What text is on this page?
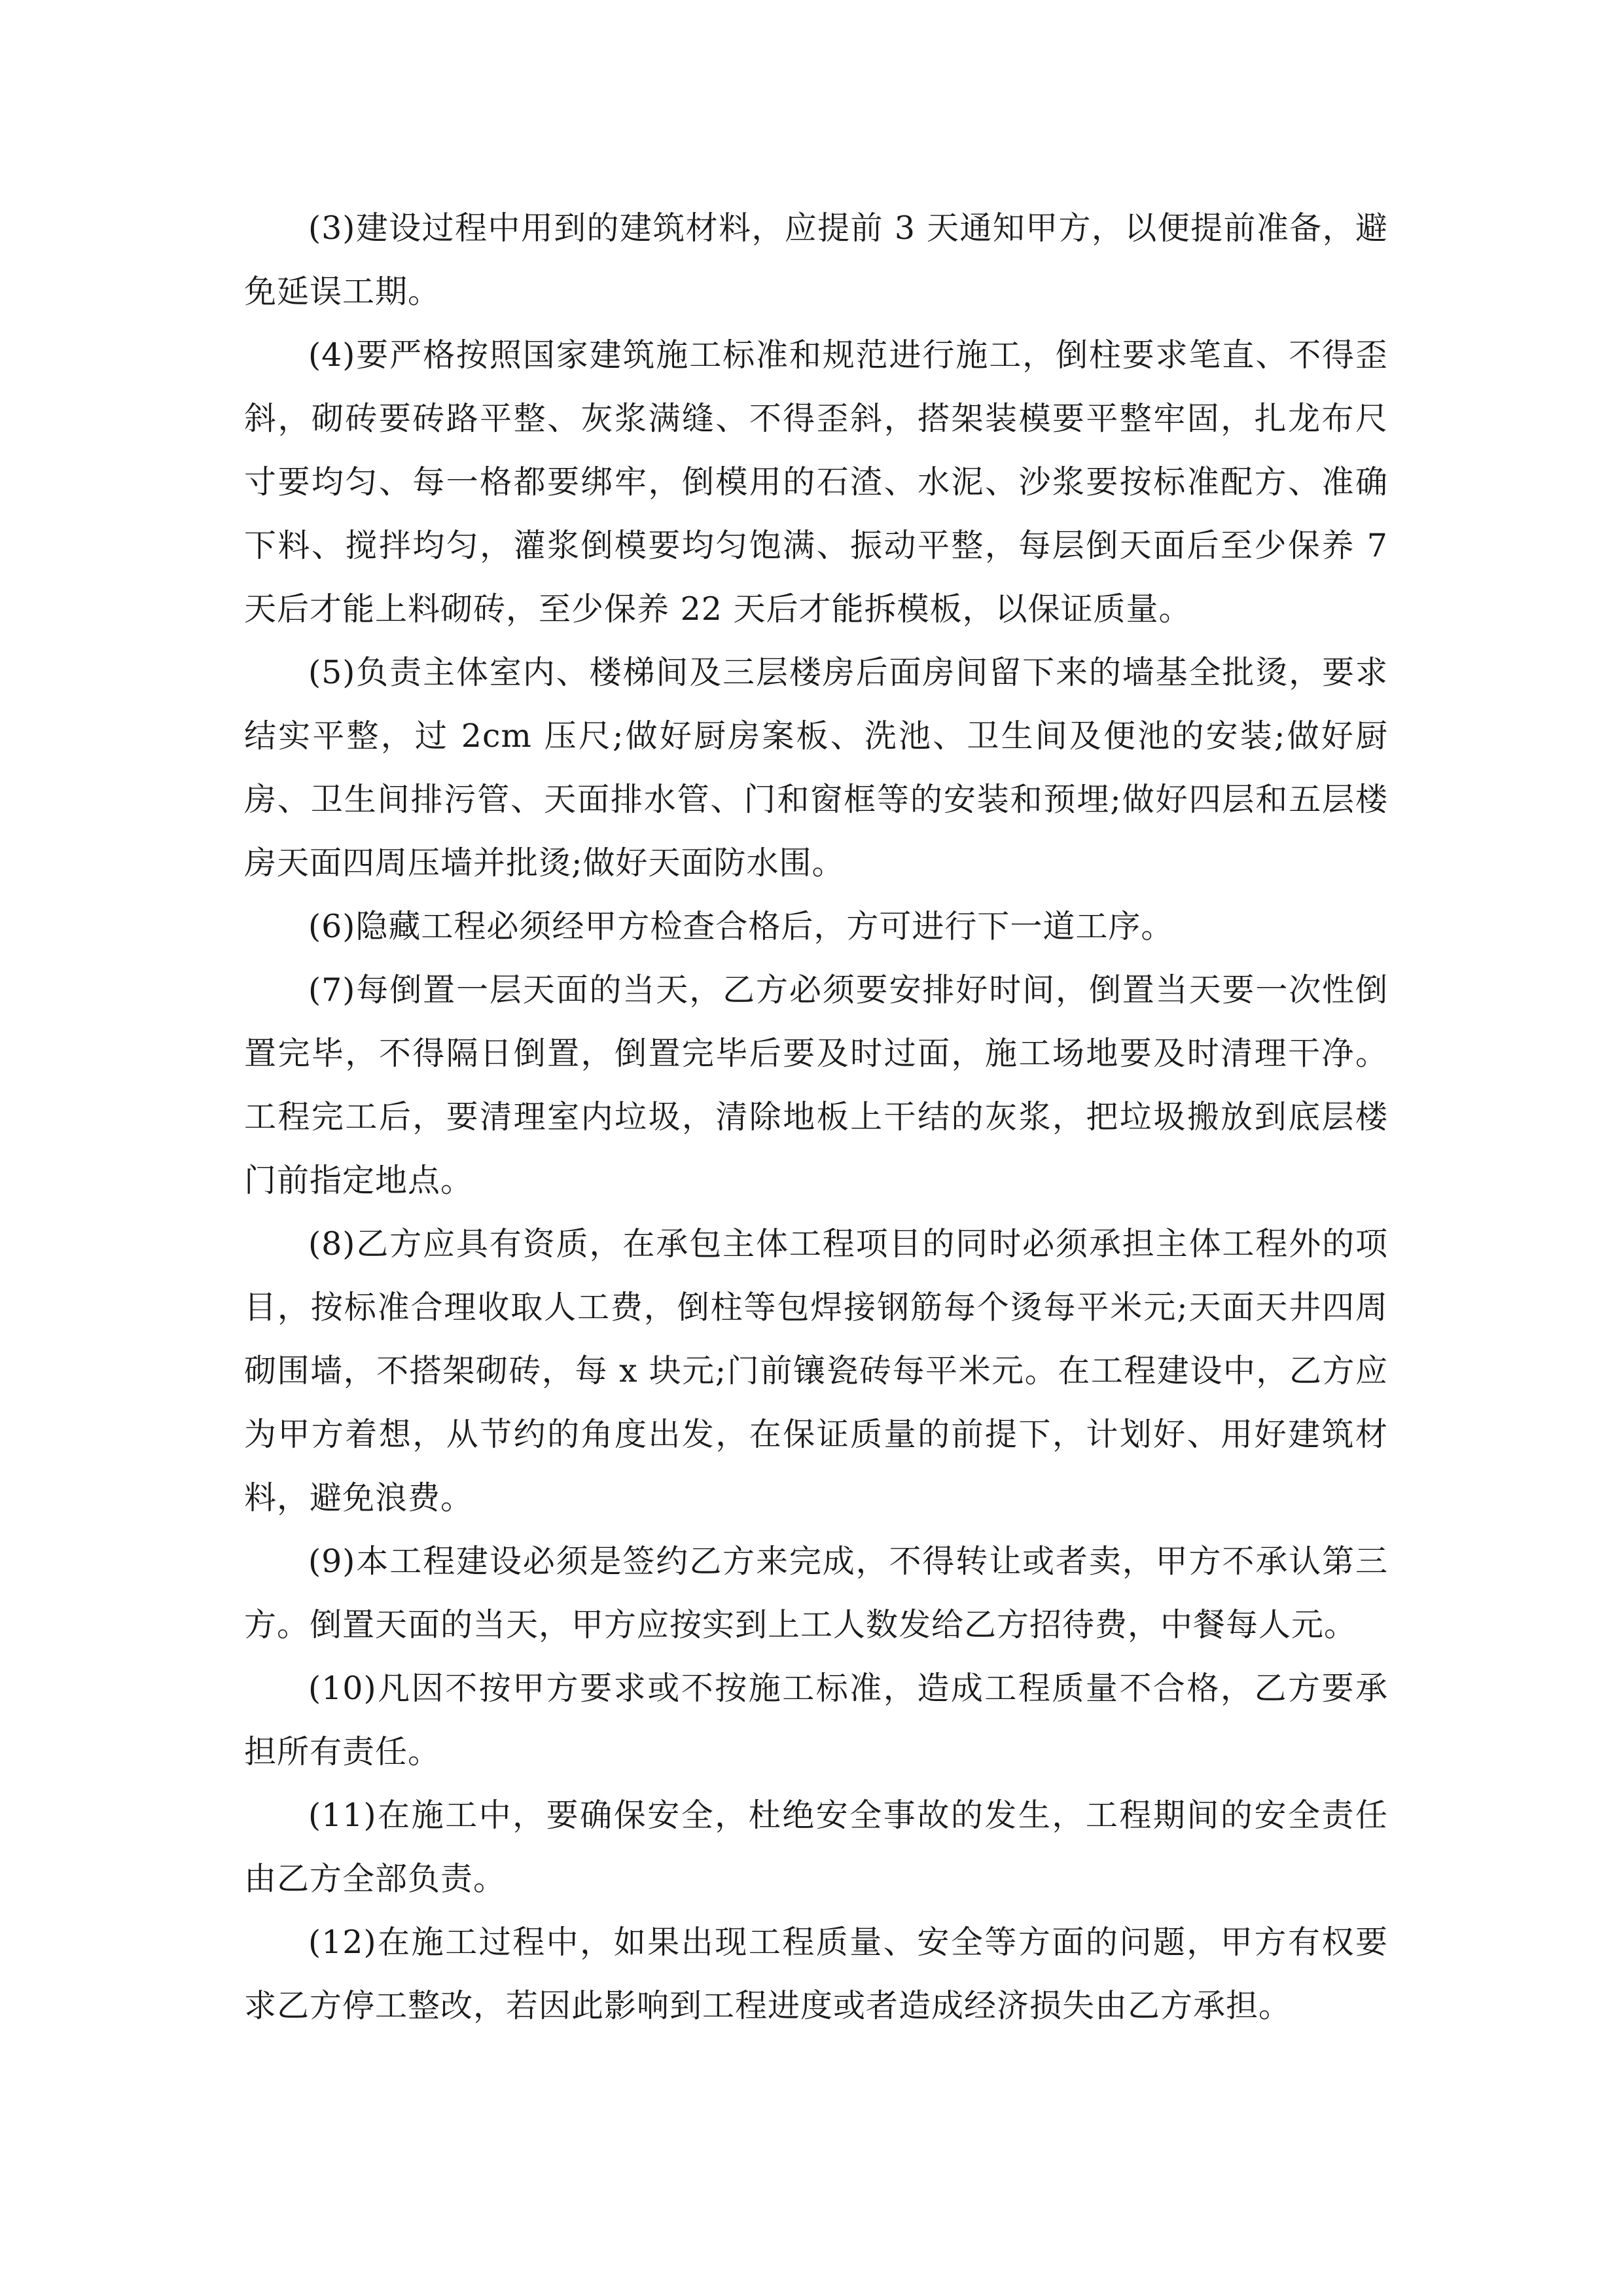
(3)建设过程中用到的建筑材料，应提前 3 天通知甲方，以便提前准备，避免延误工期。

(4)要严格按照国家建筑施工标准和规范进行施工，倒柱要求笔直、不得歪斜，砌砖要砖路平整、灰浆满缝、不得歪斜，搭架装模要平整牢固，扎龙布尺寸要均匀、每一格都要绑牢，倒模用的石渣、水泥、沙浆要按标准配方、准确下料、搅拌均匀，灌浆倒模要均匀饱满、振动平整，每层倒天面后至少保养 7 天后才能上料砌砖，至少保养 22 天后才能拆模板，以保证质量。

(5)负责主体室内、楼梯间及三层楼房后面房间留下来的墙基全批烫，要求结实平整，过 2cm 压尺;做好厨房案板、洗池、卫生间及便池的安装;做好厨房、卫生间排污管、天面排水管、门和窗框等的安装和预埋;做好四层和五层楼房天面四周压墙并批烫;做好天面防水围。

(6)隐藏工程必须经甲方检查合格后，方可进行下一道工序。

(7)每倒置一层天面的当天，乙方必须要安排好时间，倒置当天要一次性倒置完毕，不得隔日倒置，倒置完毕后要及时过面，施工场地要及时清理干净。工程完工后，要清理室内垃圾，清除地板上干结的灰浆，把垃圾搬放到底层楼门前指定地点。

(8)乙方应具有资质，在承包主体工程项目的同时必须承担主体工程外的项目，按标准合理收取人工费，倒柱等包焊接钢筋每个烫每平米元;天面天井四周砌围墙，不搭架砌砖，每 x 块元;门前镶瓷砖每平米元。在工程建设中，乙方应为甲方着想，从节约的角度出发，在保证质量的前提下，计划好、用好建筑材料，避免浪费。

(9)本工程建设必须是签约乙方来完成，不得转让或者卖，甲方不承认第三方。倒置天面的当天，甲方应按实到上工人数发给乙方招待费，中餐每人元。

(10)凡因不按甲方要求或不按施工标准，造成工程质量不合格，乙方要承担所有责任。

(11)在施工中，要确保安全，杜绝安全事故的发生，工程期间的安全责任由乙方全部负责。

(12)在施工过程中，如果出现工程质量、安全等方面的问题，甲方有权要求乙方停工整改，若因此影响到工程进度或者造成经济损失由乙方承担。
